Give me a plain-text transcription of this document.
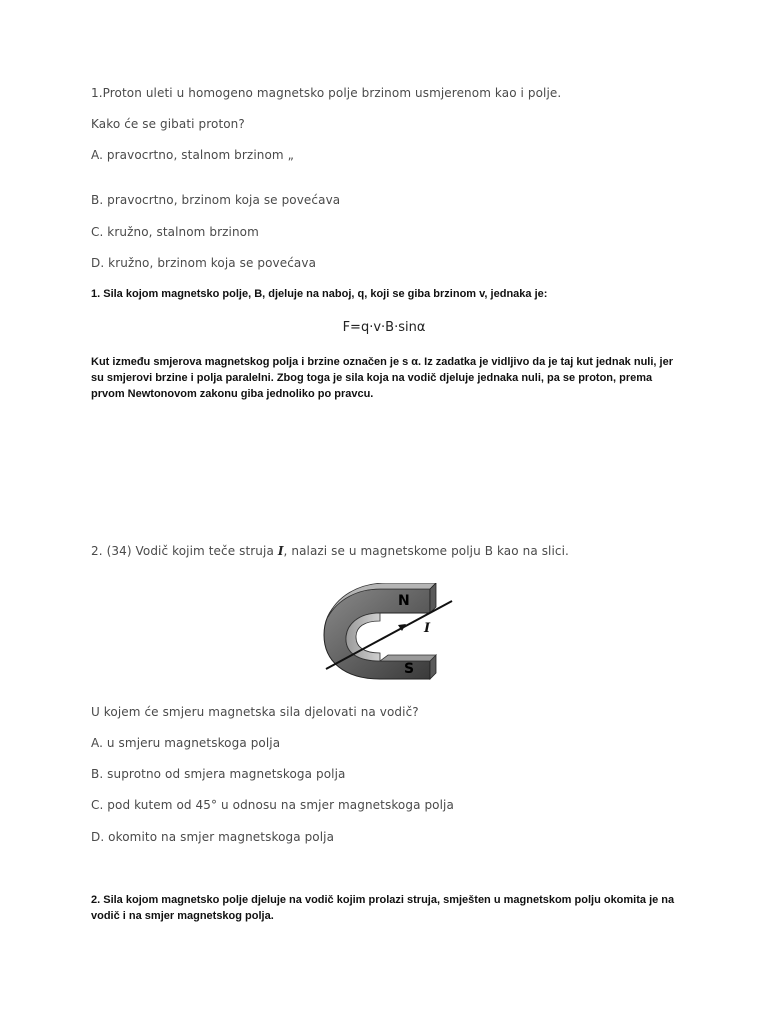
1.Proton uleti u homogeno magnetsko polje brzinom usmjerenom kao i polje.
Kako će se gibati proton?
A. pravocrtno, stalnom brzinom „
B. pravocrtno, brzinom koja se povećava
C. kružno, stalnom brzinom
D. kružno, brzinom koja se povećava
1. Sila kojom magnetsko polje, B, djeluje na naboj, q, koji se giba brzinom v, jednaka je:
F=q·v·B·sinα
Kut između smjerova magnetskog polja i brzine označen je s α. Iz zadatka je vidljivo da je taj kut jednak nuli, jer su smjerovi brzine i polja paralelni. Zbog toga je sila koja na vodič djeluje jednaka nuli, pa se proton, prema prvom Newtonovom zakonu giba jednoliko po pravcu.
2. (34) Vodič kojim teče struja I, nalazi se u magnetskome polju B kao na slici.
N
S
I
U kojem će smjeru magnetska sila djelovati na vodič?
A. u smjeru magnetskoga polja
B. suprotno od smjera magnetskoga polja
C. pod kutem od 45° u odnosu na smjer magnetskoga polja
D. okomito na smjer magnetskoga polja
2. Sila kojom magnetsko polje djeluje na vodič kojim prolazi struja, smješten u magnetskom polju okomita je na vodič i na smjer magnetskog polja.
